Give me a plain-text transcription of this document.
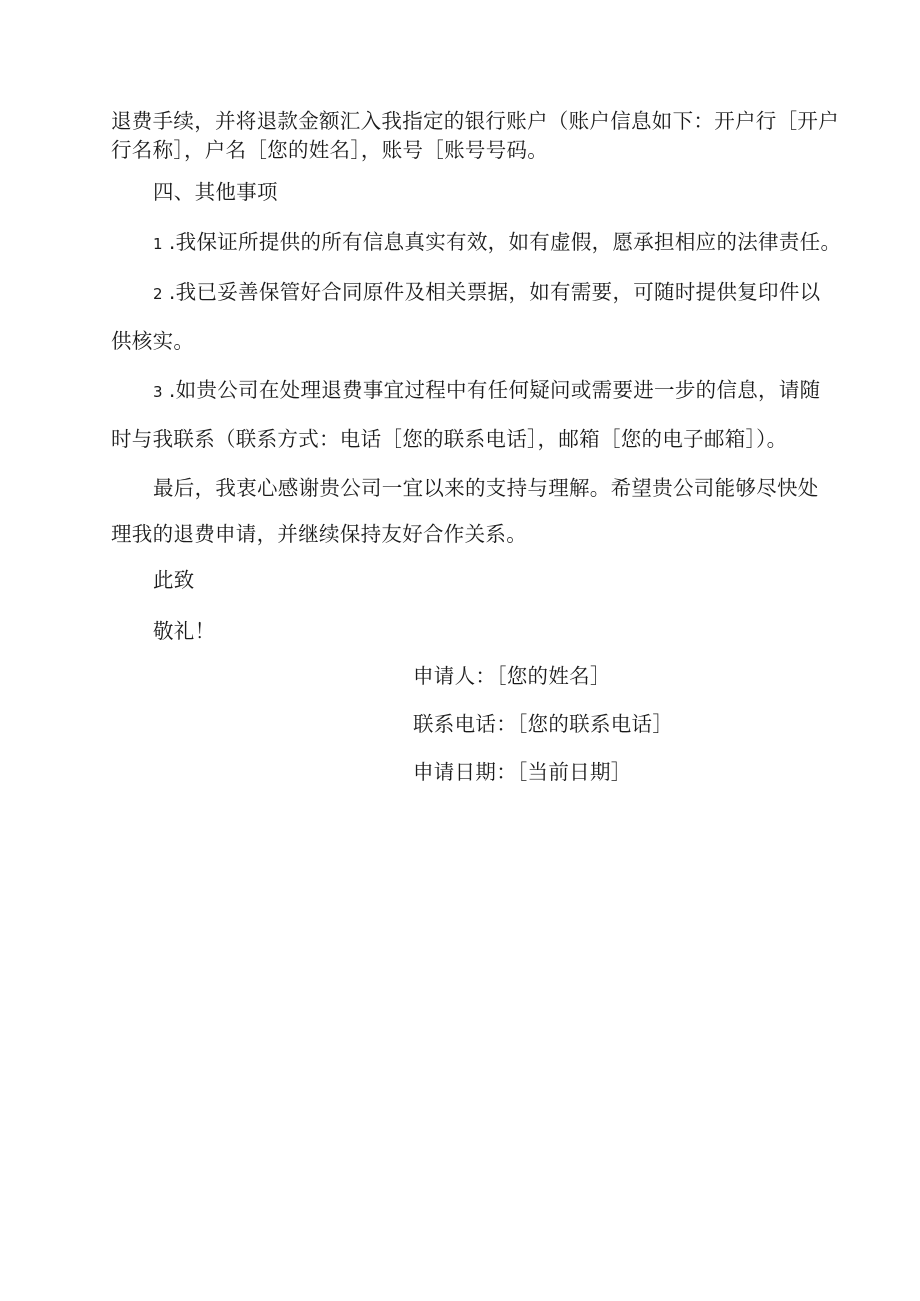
退费手续，并将退款金额汇入我指定的银行账户（账户信息如下：开户行［开户
行名称］，户名［您的姓名］，账号［账号号码。
四、其他事项
1 .我保证所提供的所有信息真实有效，如有虚假，愿承担相应的法律责任。
2 .我已妥善保管好合同原件及相关票据，如有需要，可随时提供复印件以
供核实。
3 .如贵公司在处理退费事宜过程中有任何疑问或需要进一步的信息，请随
时与我联系（联系方式：电话［您的联系电话］，邮箱［您的电子邮箱］）。
最后，我衷心感谢贵公司一宜以来的支持与理解。希望贵公司能够尽快处
理我的退费申请，并继续保持友好合作关系。
此致
敬礼！
申请人：［您的姓名］
联系电话：［您的联系电话］
申请日期：［当前日期］
